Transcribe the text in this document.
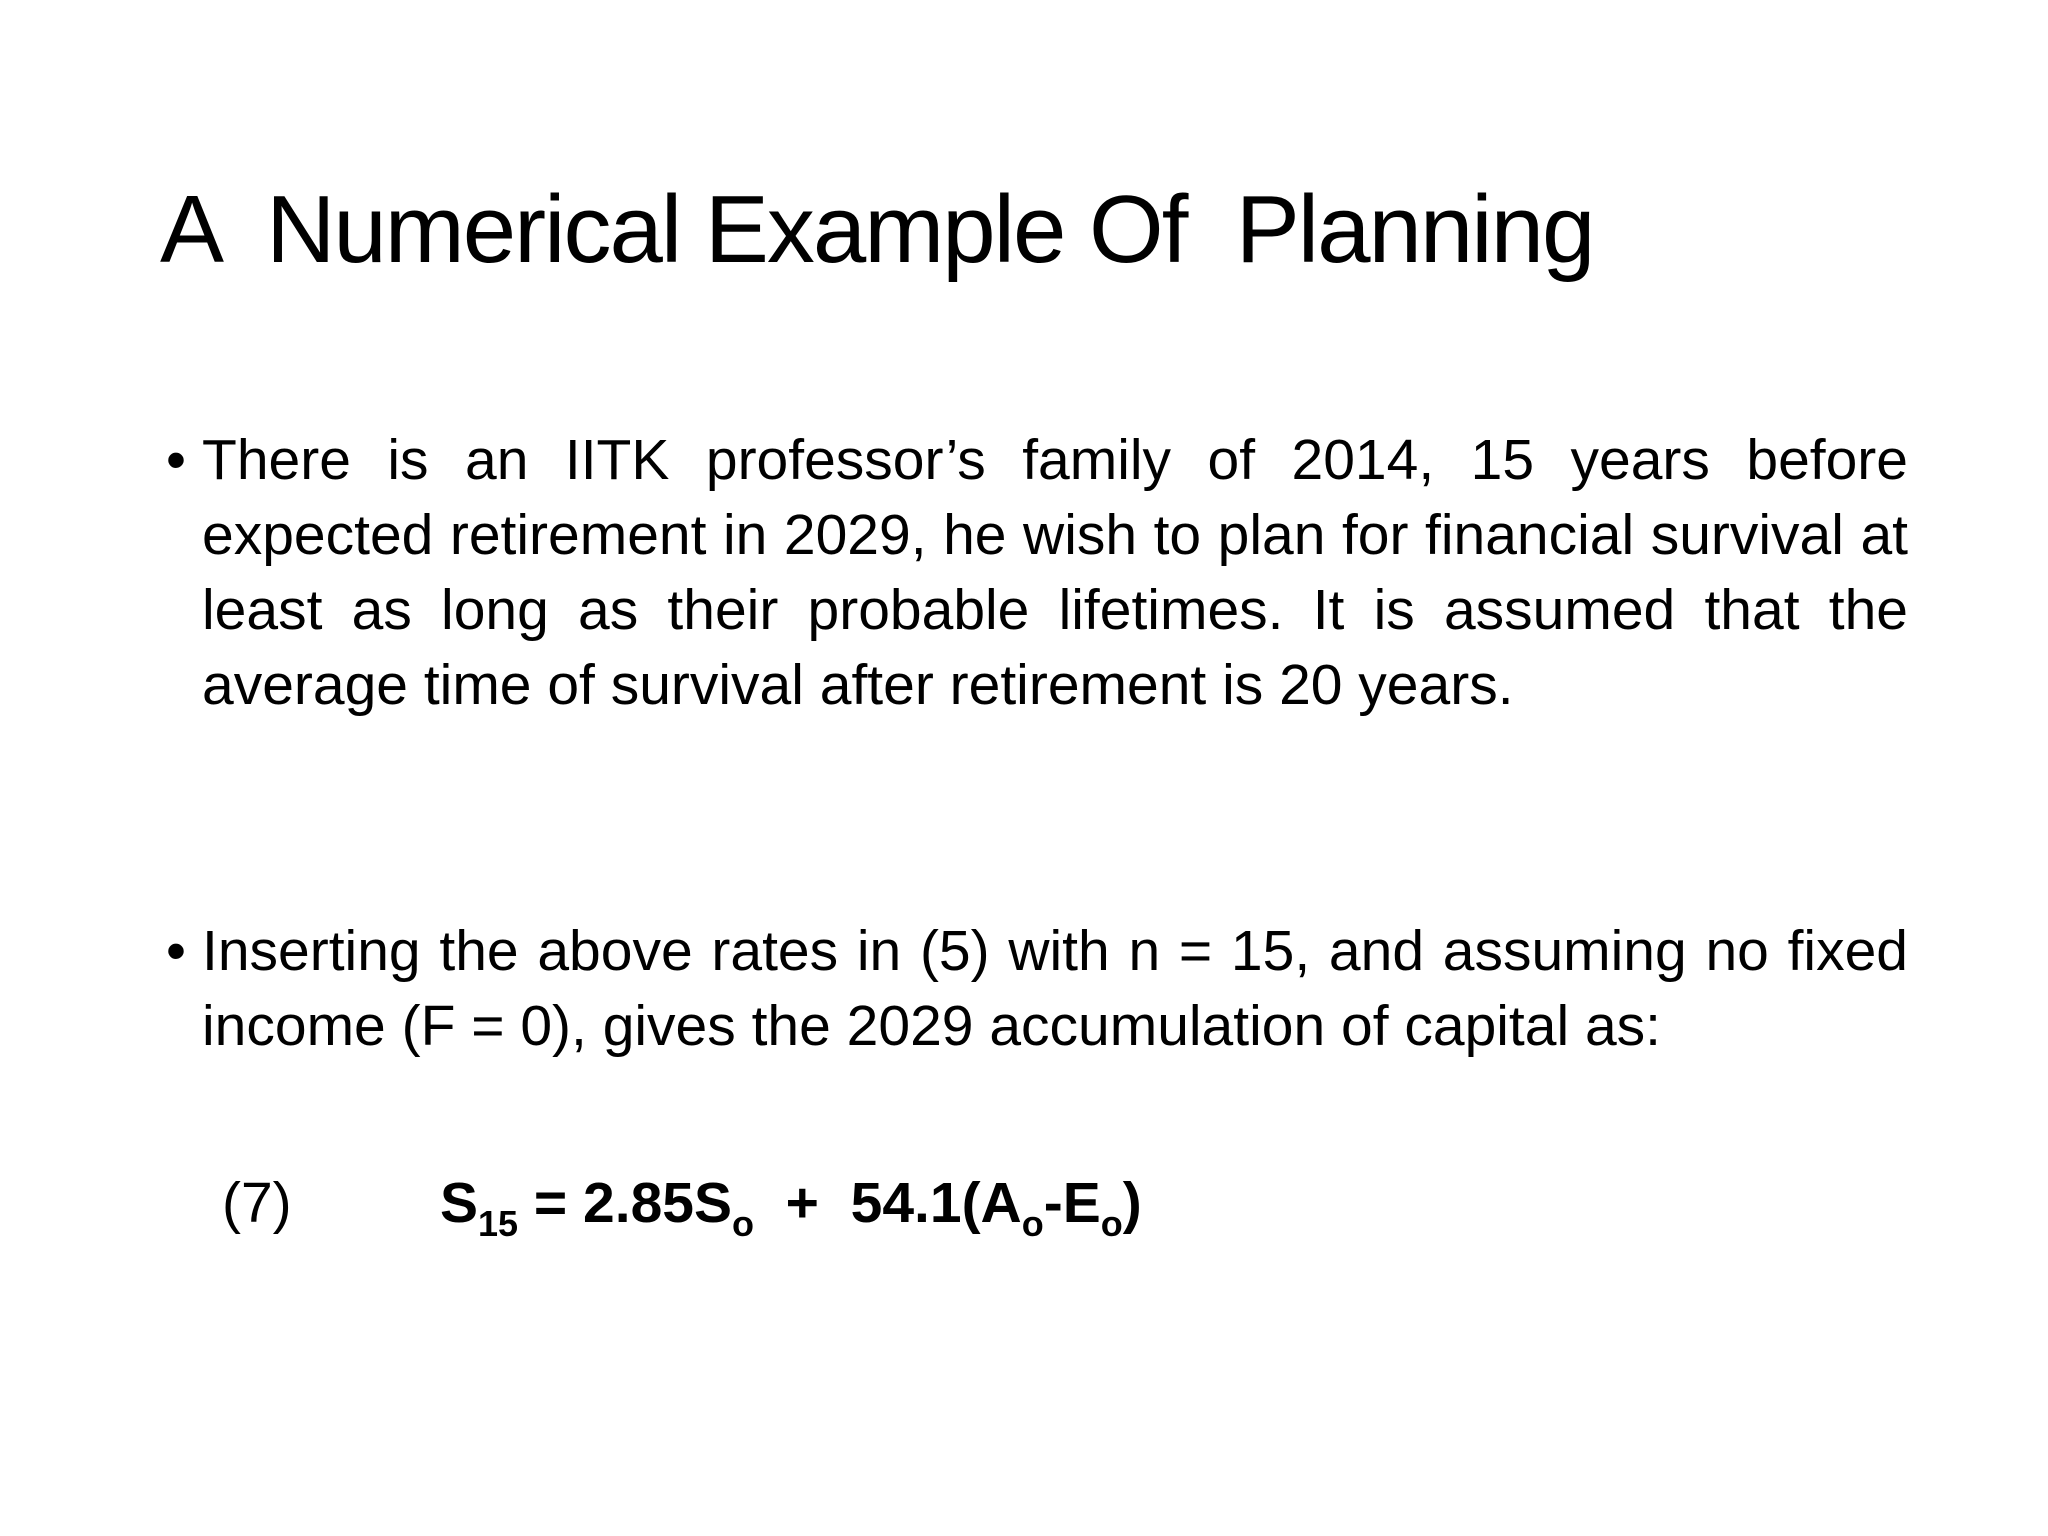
A  Numerical Example Of  Planning
• There is an IITK professor’s family of 2014, 15 years before expected retirement in 2029, he wish to plan for financial survival at least as long as their probable lifetimes. It is assumed that the average time of survival after retirement is 20 years.
• Inserting the above rates in (5) with n = 15, and assuming no fixed income (F = 0), gives the 2029 accumulation of capital as:
(7)	$S_{15} = 2.85S_o + 54.1(A_o-E_o)$
